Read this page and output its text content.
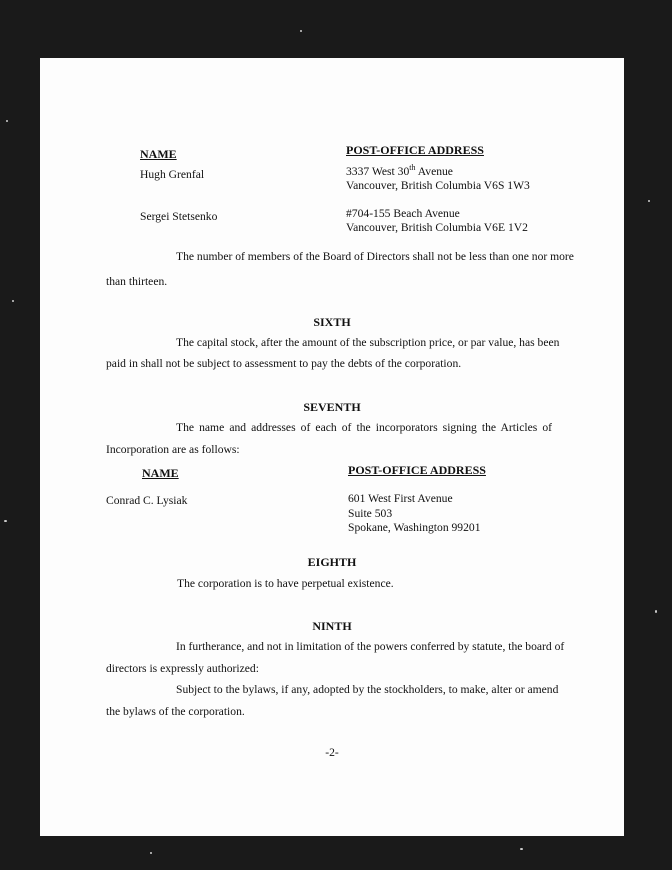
NAME	POST-OFFICE ADDRESS
Hugh Grenfal	3337 West 30th Avenue
Vancouver, British Columbia V6S 1W3
Sergei Stetsenko	#704-155 Beach Avenue
Vancouver, British Columbia V6E 1V2
The number of members of the Board of Directors shall not be less than one nor more
than thirteen.
SIXTH
The capital stock, after the amount of the subscription price, or par value, has been
paid in shall not be subject to assessment to pay the debts of the corporation.
SEVENTH
The name and addresses of each of the incorporators signing the Articles of
Incorporation are as follows:
NAME	POST-OFFICE ADDRESS
Conrad C. Lysiak	601 West First Avenue
Suite 503
Spokane, Washington 99201
EIGHTH
The corporation is to have perpetual existence.
NINTH
In furtherance, and not in limitation of the powers conferred by statute, the board of
directors is expressly authorized:
Subject to the bylaws, if any, adopted by the stockholders, to make, alter or amend
the bylaws of the corporation.
-2-
